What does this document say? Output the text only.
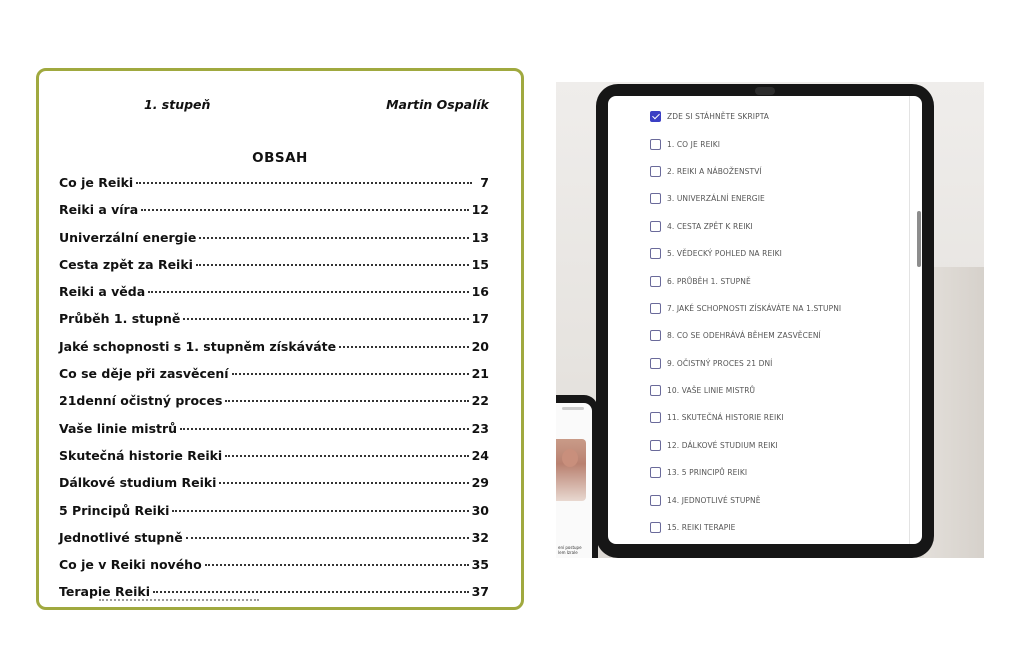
1. stupeň	Martin Ospalík
OBSAH
Co je Reiki	7
Reiki a víra	12
Univerzální energie	13
Cesta zpět za Reiki	15
Reiki a věda	16
Průběh 1. stupně	17
Jaké schopnosti s 1. stupněm získáváte	20
Co se děje při zasvěcení	21
21denní očistný proces	22
Vaše linie mistrů	23
Skutečná historie Reiki	24
Dálkové studium Reiki	29
5 Principů Reiki	30
Jednotlivé stupně	32
Co je v Reiki nového	35
Terapie Reiki	37
ZDE SI STÁHNĚTE SKRIPTA
1. CO JE REIKI
2. REIKI A NÁBOŽENSTVÍ
3. UNIVERZÁLNÍ ENERGIE
4. CESTA ZPĚT K REIKI
5. VĚDECKÝ POHLED NA REIKI
6. PRŮBĚH 1. STUPNĚ
7. JAKÉ SCHOPNOSTI ZÍSKÁVÁTE NA 1.STUPNI
8. CO SE ODEHRÁVÁ BĚHEM ZASVĚCENÍ
9. OČISTNÝ PROCES 21 DNÍ
10. VAŠE LINIE MISTRŮ
11. SKUTEČNÁ HISTORIE REIKI
12. DÁLKOVÉ STUDIUM REIKI
13. 5 PRINCIPŮ REIKI
14. JEDNOTLIVÉ STUPNĚ
15. REIKI TERAPIE
ení postupe
lem Izrale
